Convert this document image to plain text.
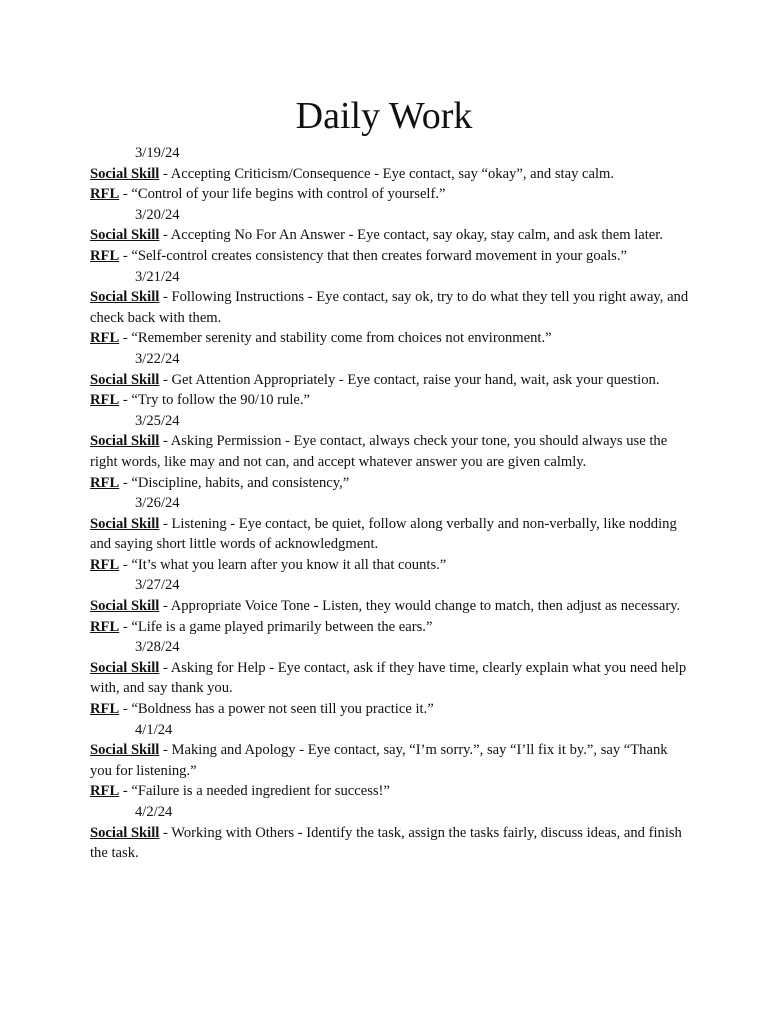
Daily Work
3/19/24
Social Skill - Accepting Criticism/Consequence - Eye contact, say “okay”, and stay calm.
RFL - “Control of your life begins with control of yourself.”
3/20/24
Social Skill - Accepting No For An Answer - Eye contact, say okay, stay calm, and ask them later.
RFL - “Self-control creates consistency that then creates forward movement in your goals.”
3/21/24
Social Skill - Following Instructions - Eye contact, say ok, try to do what they tell you right away, and check back with them.
RFL - “Remember serenity and stability come from choices not environment.”
3/22/24
Social Skill - Get Attention Appropriately - Eye contact, raise your hand, wait, ask your question.
RFL - “Try to follow the 90/10 rule.”
3/25/24
Social Skill - Asking Permission - Eye contact, always check your tone, you should always use the right words, like may and not can, and accept whatever answer you are given calmly.
RFL - “Discipline, habits, and consistency,”
3/26/24
Social Skill - Listening - Eye contact, be quiet, follow along verbally and non-verbally, like nodding and saying short little words of acknowledgment.
RFL - “It’s what you learn after you know it all that counts.”
3/27/24
Social Skill - Appropriate Voice Tone - Listen, they would change to match, then adjust as necessary.
RFL - “Life is a game played primarily between the ears.”
3/28/24
Social Skill - Asking for Help - Eye contact, ask if they have time, clearly explain what you need help with, and say thank you.
RFL - “Boldness has a power not seen till you practice it.”
4/1/24
Social Skill - Making and Apology - Eye contact, say, “I’m sorry.”, say “I’ll fix it by.”, say “Thank you for listening.”
RFL - “Failure is a needed ingredient for success!”
4/2/24
Social Skill - Working with Others - Identify the task, assign the tasks fairly, discuss ideas, and finish the task.
